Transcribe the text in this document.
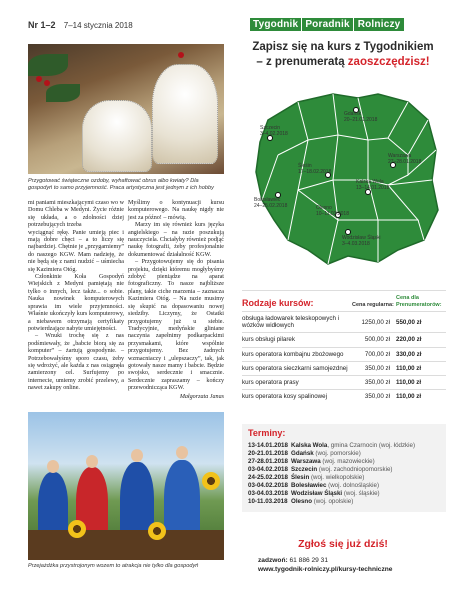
Nr 1–2 7–14 stycznia 2018
Przygotować świąteczne ozdoby, wyhaftować obrus albo kwiaty? Dla gospodyń to samo przyjemność. Praca artystyczna jest jednym z ich hobby

mi paniami mieszkającymi czaso wo w Domu Chleba w Medyni. Życie różnie się układa, a o zdolności dziej potrzebujących trzeba

wyciągnąć rękę. Panie umieją piec i mają dobre chęci – a to liczy się najbardziej. Chętnie je „przygarniemy” do naszego KGW. Mam nadzieję, że nie będą się z nami nudzić – uśmiecha się Kazimiera Otóg.

Członkinie Koła Gospodyń Wiejskich z Medyni pamiętają nie tylko o innych, lecz także... o sobie. Nauka nowinek komputerowych sprawia im wiele przyjemności. Właśnie ukończyły kurs komputerowy, a niebawem otrzymają certyfikaty potwierdzające nabyte umiejętności.

– Wnuki trochę się z nas podśmiewały, że „babcie biorą się za komputer” – żartują gospodynie. – Potrzebowałyśmy sporo czasu, żeby się wdrożyć, ale każda z nas osiągnęła zamierzony cel. Surfujemy po internecie, umiemy zrobić przelewy, a nawet zakupy online.

Myślimy o kontynuacji kursu komputerowego. Na naukę nigdy nie jest za późno! – mówią.

Marzy im się również kurs języka angielskiego – na razie poszukują nauczyciela. Chciałyby również podjąć naukę fotografii, żeby profesjonalnie dokumentować działalność KGW.

– Przygotowujemy się do pisania projektu, dzięki któremu mogłybyśmy zdobyć pieniądze na aparat fotograficzny. To nasze najbliższe plany, takie ciche marzenia – zaznacza Kazimiera Otóg. – Na razie musimy się skupić na dopasowaniu nowej siedziby. Liczymy, że Ostatki przygotujemy już u siebie. Tradycyjnie, medyńskie gliniane naczynia zapełnimy podkarpackimi przysmakami, które wspólnie przygotujemy. Bez żadnych wzmacniaczy i „ulepszaczy”, tak, jak gotowały nasze mamy i babcie. Będzie swojsko, serdecznie i smacznie. Serdecznie zapraszamy – kończy przewodnicząca KGW.

Małgorzata Janas

Przejażdżka przystrojonym wozem to atrakcja nie tylko dla gospodyń
Tygodnik Poradnik Rolniczy
Zapisz się na kurs z Tygodnikiem
– z prenumeratą zaoszczędzisz!
Gdańsk
20–21.01.2018
Szczecin
3–4.02.2018
Warszawa
27–28.01.2018
Śleśin
17–18.02.2018
Kalska Wola
13–14.01.2018
Bolesławiec
24–25.02.2018	Olesno
10–11.03.2018
Wodzisław Śląski
3–4.03.2018
Rodzaje kursów:	Cena regularna:
Cena dla Prenumeratorów:
obsługa ładowarek teleskopowych i wózków widłowych
1250,00 zł 550,00 zł
kurs obsługi pilarek	500,00 zł 220,00 zł
kurs operatora kombajnu zbożowego	700,00 zł 330,00 zł
kurs operatora sieczkarni samojezdnej	350,00 zł 110,00 zł
kurs operatora prasy	350,00 zł 110,00 zł
kurs operatora kosy spalinowej	350,00 zł 110,00 zł
Terminy:
13-14.01.2018 Kalska Wola, gmina Czarnocin (woj. łódzkie)
20-21.01.2018 Gdańsk (woj. pomorskie)
27-28.01.2018 Warszawa (woj. mazowieckie)
03-04.02.2018 Szczecin (woj. zachodniopomorskie)
24-25.02.2018 Ślesin (woj. wielkopolskie)
03-04.02.2018 Bolesławiec (woj. dolnośląskie)
03-04.03.2018 Wodzisław Śląski (woj. śląskie)
10-11.03.2018 Olesno (woj. opolskie)
Zgłoś się już dziś!
zadzwoń: 61 886 29 31
www.tygodnik-rolniczy.pl/kursy-techniczne
